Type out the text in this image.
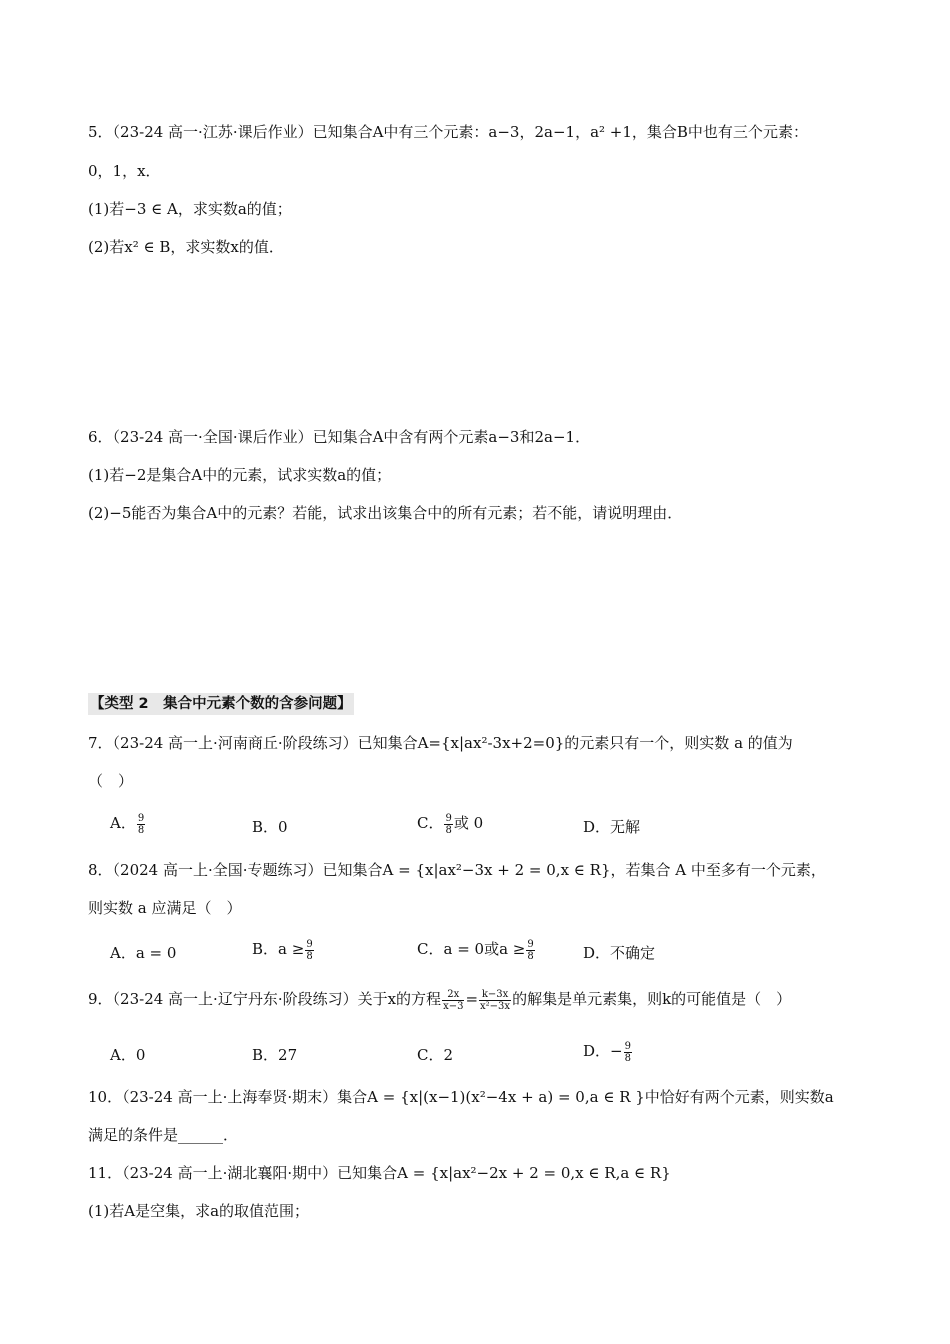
5．（23-24 高一·江苏·课后作业）已知集合A中有三个元素：a−3，2a−1，a² +1，集合B中也有三个元素：
0，1，x．
(1)若−3 ∈ A，求实数a的值；
(2)若x² ∈ B，求实数x的值．
6．（23-24 高一·全国·课后作业）已知集合A中含有两个元素a−3和2a−1．
(1)若−2是集合A中的元素，试求实数a的值；
(2)−5能否为集合A中的元素？若能，试求出该集合中的所有元素；若不能，请说明理由．
【类型 2　集合中元素个数的含参问题】
7．（23-24 高一上·河南商丘·阶段练习）已知集合A={x|ax²-3x+2=0}的元素只有一个，则实数 a 的值为
（　）
A． $\frac{9}{8}$	B．0	C． $\frac{9}{8}$ 或 0	D．无解
8．（2024 高一上·全国·专题练习）已知集合A = {x|ax²−3x + 2 = 0,x ∈ R}，若集合 A 中至多有一个元素，
则实数 a 应满足（　）
A．a = 0	B．$a \ge \frac{9}{8}$	C．a = 0或$a \ge \frac{9}{8}$	D．不确定
9．（23-24 高一上·辽宁丹东·阶段练习）关于x的方程 $\frac{2x}{x-3} = \frac{k-3x}{\text{x²−3x}}$ 的解集是单元素集，则k的可能值是（　）
A．0	B．27	C．2	D．− $\frac{9}{8}$
10．（23-24 高一上·上海奉贤·期末）集合A = {x|(x−1)(x²−4x + a) = 0,a ∈ R }中恰好有两个元素，则实数a
满足的条件是______．
11．（23-24 高一上·湖北襄阳·期中）已知集合A = {x|ax²−2x + 2 = 0,x ∈ R,a ∈ R}
(1)若A是空集，求a的取值范围；
